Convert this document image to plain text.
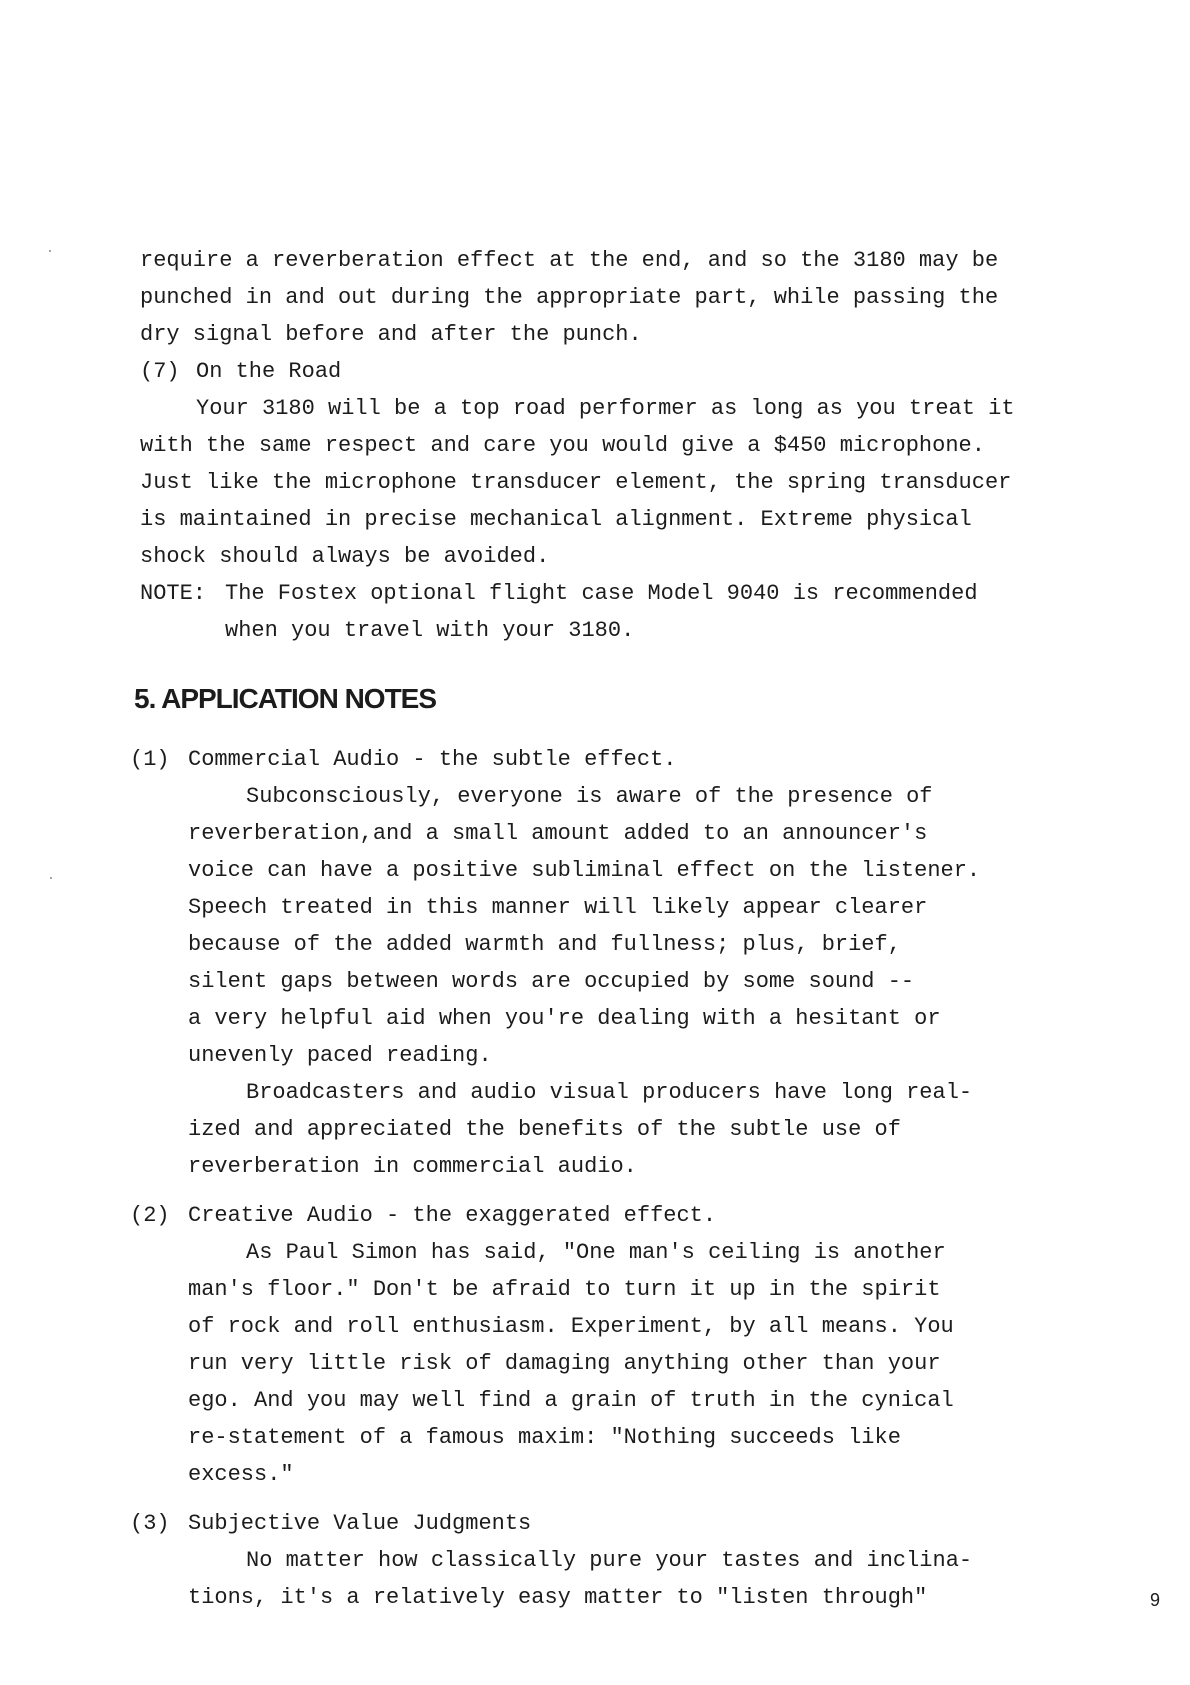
require a reverberation effect at the end, and so the 3180 may be
punched in and out during the appropriate part, while passing the
dry signal before and after the punch.
(7) On the Road
Your 3180 will be a top road performer as long as you treat it
with the same respect and care you would give a $450 microphone.
Just like the microphone transducer element, the spring transducer
is maintained in precise mechanical alignment. Extreme physical
shock should always be avoided.
NOTE: The Fostex optional flight case Model 9040 is recommended
when you travel with your 3180.
5. APPLICATION NOTES
(1) Commercial Audio - the subtle effect.
Subconsciously, everyone is aware of the presence of
reverberation,and a small amount added to an announcer's
voice can have a positive subliminal effect on the listener.
Speech treated in this manner will likely appear clearer
because of the added warmth and fullness; plus, brief,
silent gaps between words are occupied by some sound --
a very helpful aid when you're dealing with a hesitant or
unevenly paced reading.
Broadcasters and audio visual producers have long real-
ized and appreciated the benefits of the subtle use of
reverberation in commercial audio.
(2) Creative Audio - the exaggerated effect.
As Paul Simon has said, "One man's ceiling is another
man's floor." Don't be afraid to turn it up in the spirit
of rock and roll enthusiasm. Experiment, by all means. You
run very little risk of damaging anything other than your
ego. And you may well find a grain of truth in the cynical
re-statement of a famous maxim: "Nothing succeeds like
excess."
(3) Subjective Value Judgments
No matter how classically pure your tastes and inclina-
tions, it's a relatively easy matter to "listen through"	9
